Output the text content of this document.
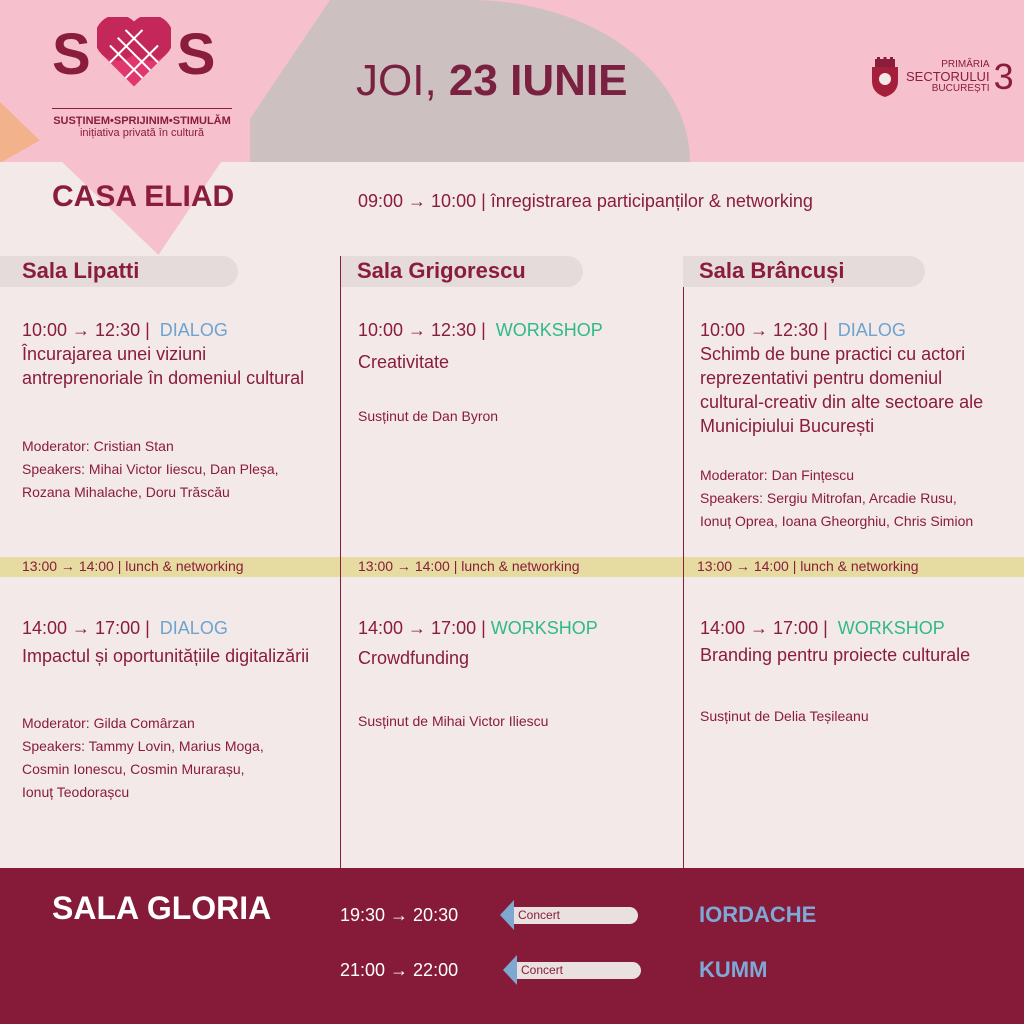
S S
SUSȚINEM•SPRIJINIM•STIMULĂM
inițiativa privată în cultură
JOI, 23 IUNIE	PRIMĂRIA
SECTORULUI
BUCUREȘTI 3
CASA ELIAD	09:00 → 10:00 | înregistrarea participanților & networking
Sala Lipatti	Sala Grigorescu	Sala Brâncuși
10:00 → 12:30 | DIALOG
Încurajarea unei viziuni antreprenoriale în domeniul cultural
Moderator: Cristian Stan
Speakers: Mihai Victor Iiescu, Dan Pleșa,
Rozana Mihalache, Doru Trăscău
10:00 → 12:30 | WORKSHOP
Creativitate
Susținut de Dan Byron
10:00 → 12:30 | DIALOG
Schimb de bune practici cu actori reprezentativi pentru domeniul cultural-creativ din alte sectoare ale Municipiului București
Moderator: Dan Fințescu
Speakers: Sergiu Mitrofan, Arcadie Rusu,
Ionuț Oprea, Ioana Gheorghiu, Chris Simion
13:00 → 14:00 | lunch & networking	13:00 → 14:00 | lunch & networking	13:00 → 14:00 | lunch & networking
14:00 → 17:00 | DIALOG
Impactul și oportunitățiile digitalizării
Moderator: Gilda Comârzan
Speakers: Tammy Lovin, Marius Moga,
Cosmin Ionescu, Cosmin Murarașu,
Ionuț Teodorașcu
14:00 → 17:00 | WORKSHOP
Crowdfunding
Susținut de Mihai Victor Iliescu
14:00 → 17:00 | WORKSHOP
Branding pentru proiecte culturale
Susținut de Delia Teșileanu
SALA GLORIA	19:30 → 20:30	Concert	IORDACHE
21:00 → 22:00	Concert	KUMM
